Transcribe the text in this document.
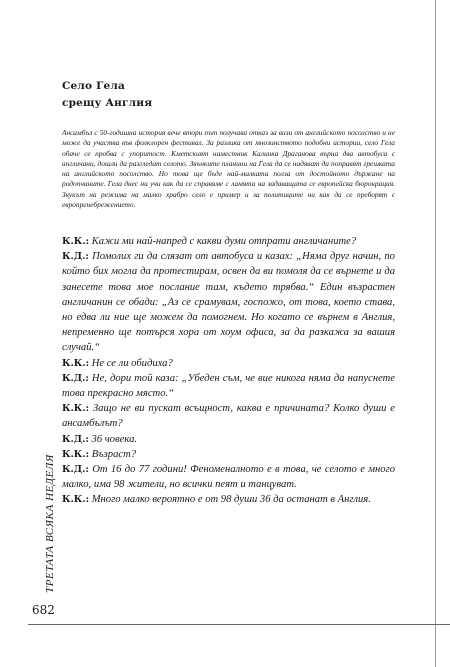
Село Гела
срещу Англия
Ансамбъл с 50-годишна история вече втори път получава отказ за визи от английското посолство и не може да участва във фолклорен фестивал. За разлика от мнозинството подобни истории, село Гела обаче се пробва с упоритост. Кметският наместник Калинка Драганова върна два автобуса с англичани, дошли да разгледат селото. Звънките планини на Гела да се надяват да поправят грешката на английското посолство. Но това ще бъде най-малката полза от достойното държане на родопчаните. Гела днес ни учи как да се справяме с ламята на задаващата се европейска бюрокрация. Звукът на режима на малко храбро село е пример и за политиците ни как да се преборят с европренебрежението.

К.К.: Кажи ми най-напред с какви думи отпрати англичаните?

К.Д.: Помолих ги да слязат от автобуса и казах: „Няма друг начин, по който бих могла да протестирам, освен да ви помоля да се върнете и да занесете това мое послание там, където трябва.“ Един възрастен англичанин се обади: „Аз се срамувам, госпожо, от това, което става, но едва ли ние ще можем да помогнем. Но когато се върнем в Англия, непременно ще потърся хора от хоум офиса, за да разкажа за вашия случай.“

К.К.: Не се ли обидиха?

К.Д.: Не, дори той каза: „Убеден съм, че вие никога няма да напуснете това прекрасно място.“

К.К.: Защо не ви пускат всъщност, каква е причината? Колко души е ансамбълът?

К.Д.: 36 човека.

К.К.: Възраст?

К.Д.: От 16 до 77 години! Феноменалното е в това, че селото е много малко, има 98 жители, но всички пеят и танцуват.

К.К.: Много малко вероятно е от 98 души 36 да останат в Англия.

ТРЕТАТА ВСЯКА НЕДЕЛЯ
682
